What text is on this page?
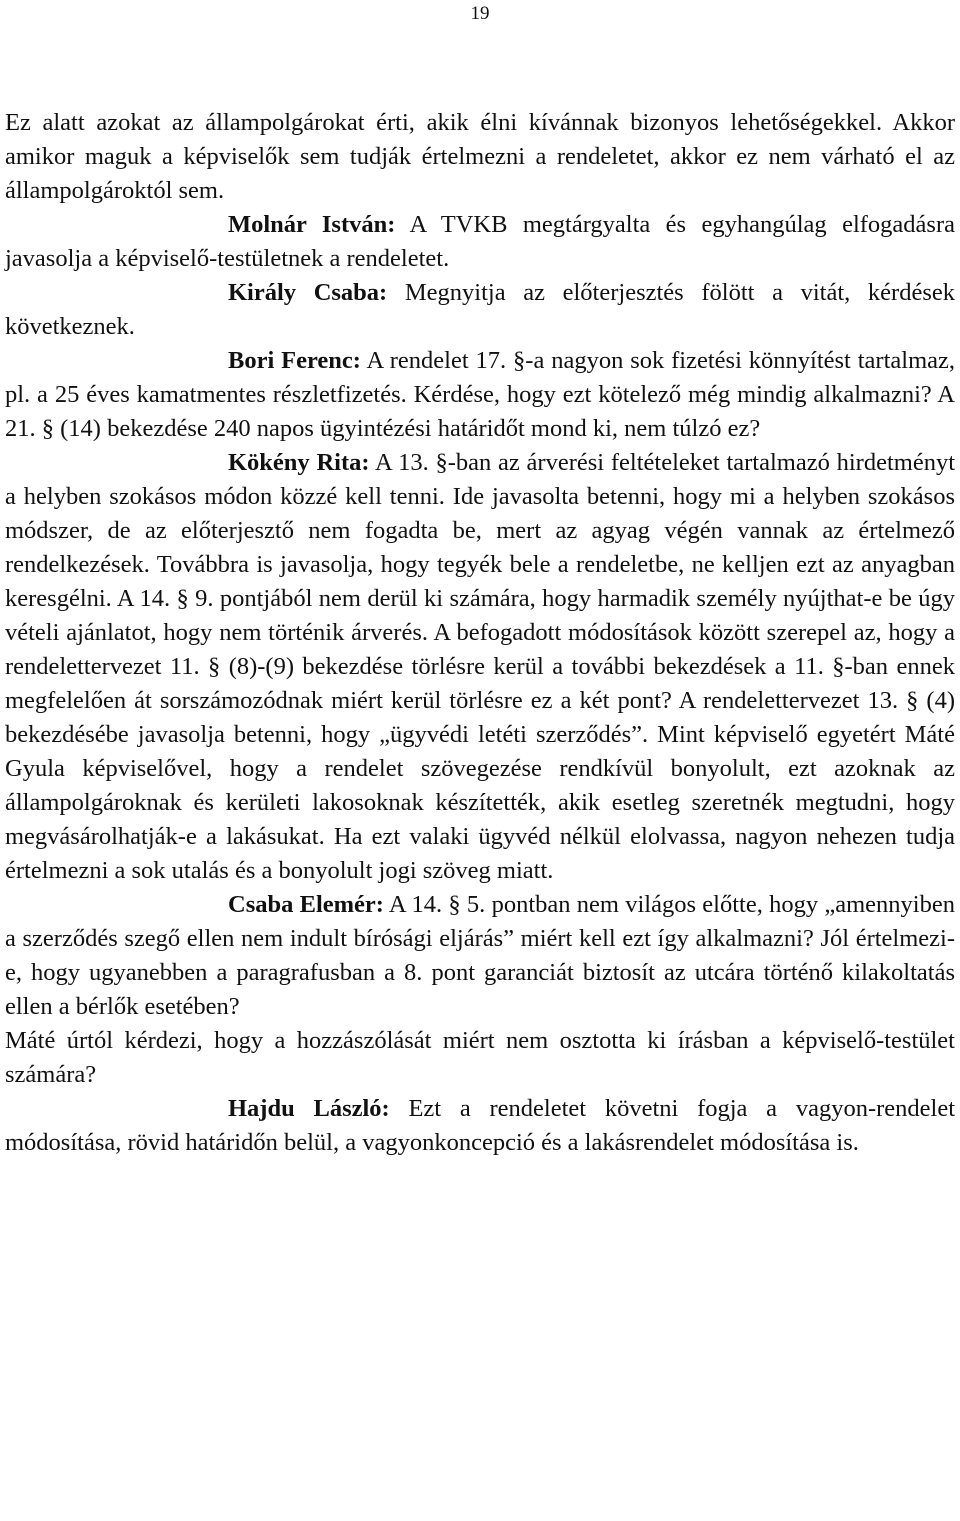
19

Ez alatt azokat az állampolgárokat érti, akik élni kívánnak bizonyos lehetőségekkel. Akkor amikor maguk a képviselők sem tudják értelmezni a rendeletet, akkor ez nem várható el az állampolgároktól sem.

Molnár István: A TVKB megtárgyalta és egyhangúlag elfogadásra javasolja a képviselő-testületnek a rendeletet.

Király Csaba: Megnyitja az előterjesztés fölött a vitát, kérdések következnek.

Bori Ferenc: A rendelet 17. §-a nagyon sok fizetési könnyítést tartalmaz, pl. a 25 éves kamatmentes részletfizetés. Kérdése, hogy ezt kötelező még mindig alkalmazni? A 21. § (14) bekezdése 240 napos ügyintézési határidőt mond ki, nem túlzó ez?

Kökény Rita: A 13. §-ban az árverési feltételeket tartalmazó hirdetményt a helyben szokásos módon közzé kell tenni. Ide javasolta betenni, hogy mi a helyben szokásos módszer, de az előterjesztő nem fogadta be, mert az agyag végén vannak az értelmező rendelkezések. Továbbra is javasolja, hogy tegyék bele a rendeletbe, ne kelljen ezt az anyagban keresgélni. A 14. § 9. pontjából nem derül ki számára, hogy harmadik személy nyújthat-e be úgy vételi ajánlatot, hogy nem történik árverés. A befogadott módosítások között szerepel az, hogy a rendelettervezet 11. § (8)-(9) bekezdése törlésre kerül a további bekezdések a 11. §-ban ennek megfelelően át sorszámozódnak miért kerül törlésre ez a két pont? A rendelettervezet 13. § (4) bekezdésébe javasolja betenni, hogy „ügyvédi letéti szerződés”. Mint képviselő egyetért Máté Gyula képviselővel, hogy a rendelet szövegezése rendkívül bonyolult, ezt azoknak az állampolgároknak és kerületi lakosoknak készítették, akik esetleg szeretnék megtudni, hogy megvásárolhatják-e a lakásukat. Ha ezt valaki ügyvéd nélkül elolvassa, nagyon nehezen tudja értelmezni a sok utalás és a bonyolult jogi szöveg miatt.

Csaba Elemér: A 14. § 5. pontban nem világos előtte, hogy „amennyiben a szerződés szegő ellen nem indult bírósági eljárás” miért kell ezt így alkalmazni? Jól értelmezi-e, hogy ugyanebben a paragrafusban a 8. pont garanciát biztosít az utcára történő kilakoltatás ellen a bérlők esetében?

Máté úrtól kérdezi, hogy a hozzászólását miért nem osztotta ki írásban a képviselő-testület számára?

Hajdu László: Ezt a rendeletet követni fogja a vagyon-rendelet módosítása, rövid határidőn belül, a vagyonkoncepció és a lakásrendelet módosítása is.
